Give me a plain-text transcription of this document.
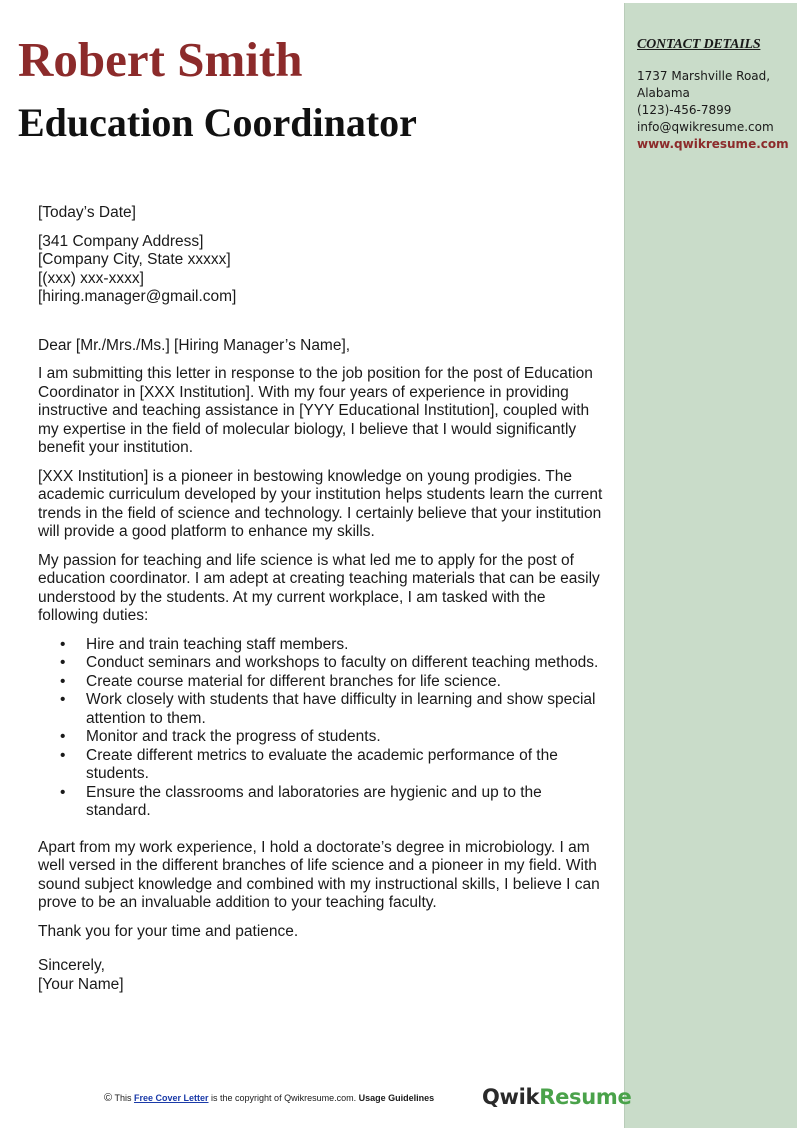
Robert Smith
Education Coordinator
CONTACT DETAILS
1737 Marshville Road,
Alabama
(123)-456-7899
info@qwikresume.com
www.qwikresume.com

[Today’s Date]

[341 Company Address]
[Company City, State xxxxx]
[(xxx) xxx-xxxx]
[hiring.manager@gmail.com]

Dear [Mr./Mrs./Ms.] [Hiring Manager’s Name],

I am submitting this letter in response to the job position for the post of Education Coordinator in [XXX Institution]. With my four years of experience in providing instructive and teaching assistance in [YYY Educational Institution], coupled with my expertise in the field of molecular biology, I believe that I would significantly benefit your institution.

[XXX Institution] is a pioneer in bestowing knowledge on young prodigies. The academic curriculum developed by your institution helps students learn the current trends in the field of science and technology. I certainly believe that your institution will provide a good platform to enhance my skills.

My passion for teaching and life science is what led me to apply for the post of education coordinator. I am adept at creating teaching materials that can be easily understood by the students. At my current workplace, I am tasked with the following duties:

• Hire and train teaching staff members.
• Conduct seminars and workshops to faculty on different teaching methods.
• Create course material for different branches for life science.
• Work closely with students that have difficulty in learning and show special attention to them.
• Monitor and track the progress of students.
• Create different metrics to evaluate the academic performance of the students.
• Ensure the classrooms and laboratories are hygienic and up to the standard.

Apart from my work experience, I hold a doctorate’s degree in microbiology. I am well versed in the different branches of life science and a pioneer in my field. With sound subject knowledge and combined with my instructional skills, I believe I can prove to be an invaluable addition to your teaching faculty.

Thank you for your time and patience.

Sincerely,
[Your Name]
© This Free Cover Letter is the copyright of Qwikresume.com. Usage Guidelines	QwikResume
